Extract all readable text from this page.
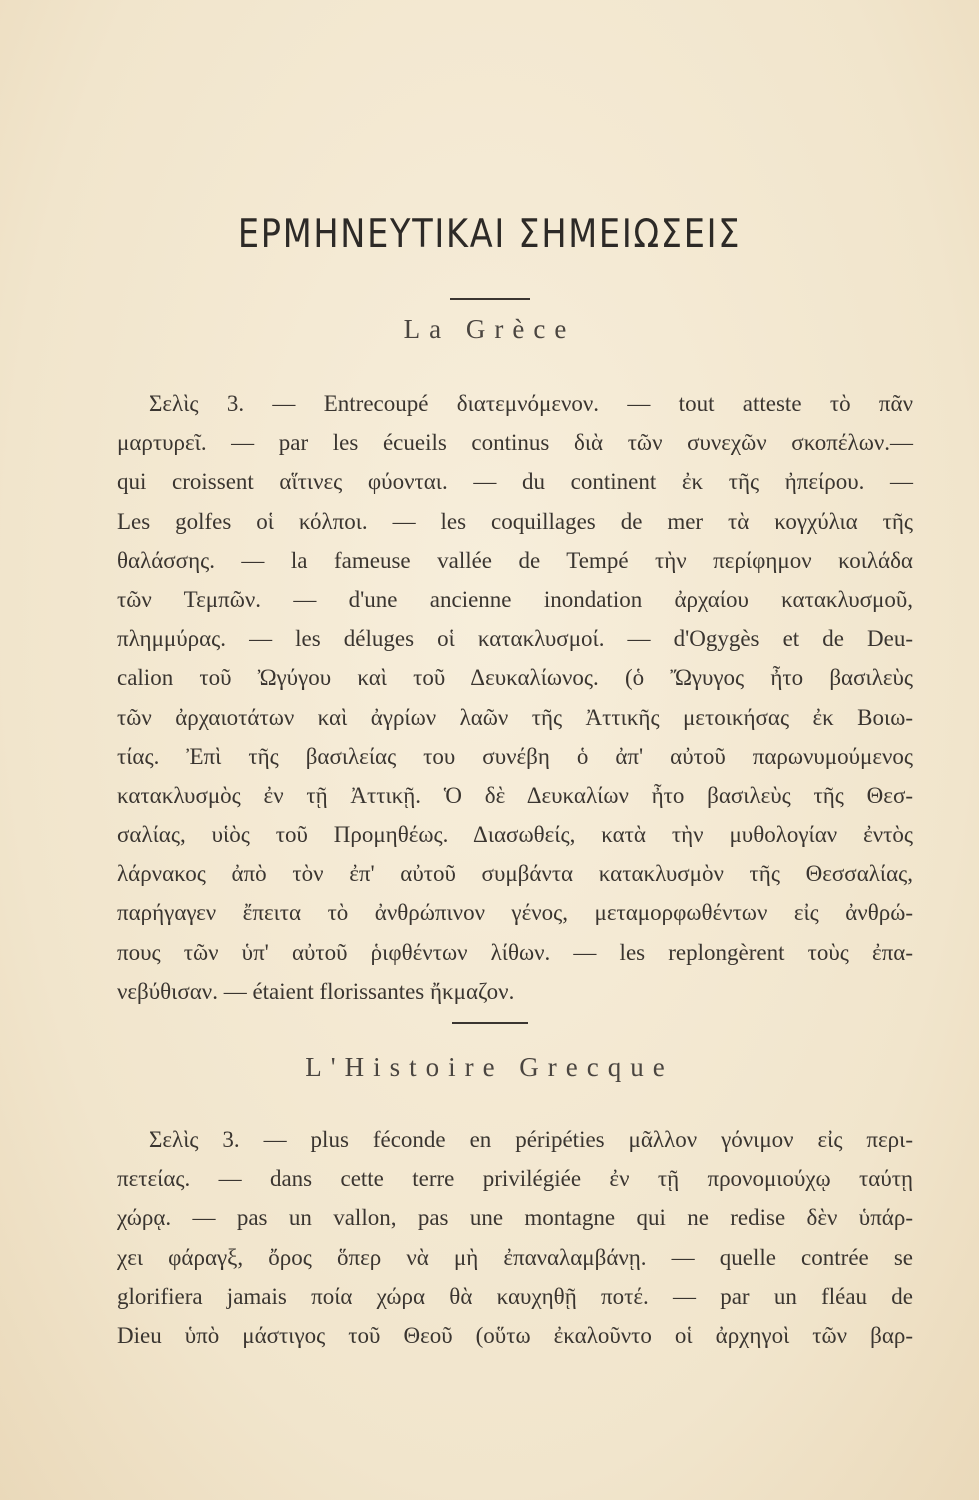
ΕΡΜΗΝΕΥΤΙΚΑΙ ΣΗΜΕΙΩΣΕΙΣ
La Grèce
Σελὶς 3. — Entrecoupé διατεμνόμενον. — tout atteste τὸ πᾶν
μαρτυρεῖ. — par les écueils continus διὰ τῶν συνεχῶν σκοπέλων.—
qui croissent αἵτινες φύονται. — du continent ἐκ τῆς ἠπείρου. —
Les golfes οἱ κόλποι. — les coquillages de mer τὰ κογχύλια τῆς
θαλάσσης. — la fameuse vallée de Tempé τὴν περίφημον κοιλάδα
τῶν Τεμπῶν. — d'une ancienne inondation ἀρχαίου κατακλυσμοῦ,
πλημμύρας. — les déluges οἱ κατακλυσμοί. — d'Ogygès et de Deu-
calion τοῦ Ὠγύγου καὶ τοῦ Δευκαλίωνος. (ὁ Ὤγυγος ἦτο βασιλεὺς
τῶν ἀρχαιοτάτων καὶ ἀγρίων λαῶν τῆς Ἀττικῆς μετοικήσας ἐκ Βοιω-
τίας. Ἐπὶ τῆς βασιλείας του συνέβη ὁ ἀπ' αὐτοῦ παρωνυμούμενος
κατακλυσμὸς ἐν τῇ Ἀττικῇ. Ὁ δὲ Δευκαλίων ἦτο βασιλεὺς τῆς Θεσ-
σαλίας, υἱὸς τοῦ Προμηθέως. Διασωθείς, κατὰ τὴν μυθολογίαν ἐντὸς
λάρνακος ἀπὸ τὸν ἐπ' αὐτοῦ συμβάντα κατακλυσμὸν τῆς Θεσσαλίας,
παρήγαγεν ἔπειτα τὸ ἀνθρώπινον γένος, μεταμορφωθέντων εἰς ἀνθρώ-
πους τῶν ὑπ' αὐτοῦ ῥιφθέντων λίθων. — les replongèrent τοὺς ἐπα-
νεβύθισαν. — étaient florissantes ἤκμαζον.
L'Histoire Grecque
Σελὶς 3. — plus féconde en péripéties μᾶλλον γόνιμον εἰς περι-
πετείας. — dans cette terre privilégiée ἐν τῇ προνομιούχῳ ταύτῃ
χώρᾳ. — pas un vallon, pas une montagne qui ne redise δὲν ὑπάρ-
χει φάραγξ, ὄρος ὅπερ νὰ μὴ ἐπαναλαμβάνῃ. — quelle contrée se
glorifiera jamais ποία χώρα θὰ καυχηθῇ ποτέ. — par un fléau de
Dieu ὑπὸ μάστιγος τοῦ Θεοῦ (οὕτω ἐκαλοῦντο οἱ ἀρχηγοὶ τῶν βαρ-
